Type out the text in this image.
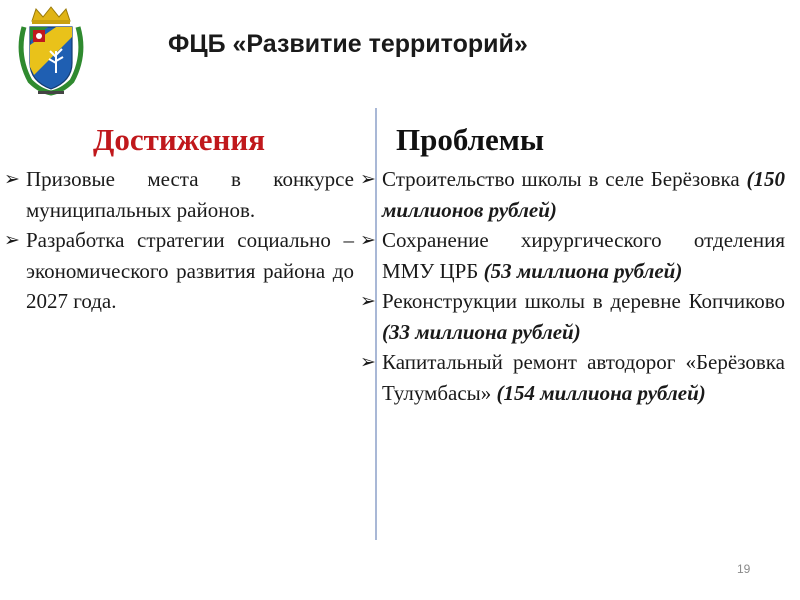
ФЦБ «Развитие территорий»
Достижения
➢ Призовые места в конкурсе муниципальных районов.
➢ Разработка стратегии социально – экономического развития района до 2027 года.
Проблемы
➢ Строительство школы в селе Берёзовка (150 миллионов рублей)
➢ Сохранение хирургического отделения ММУ ЦРБ (53 миллиона рублей)
➢ Реконструкции школы в деревне Копчиково (33 миллиона рублей)
➢ Капитальный ремонт автодорог «Берёзовка Тулумбасы» (154 миллиона рублей)
19
